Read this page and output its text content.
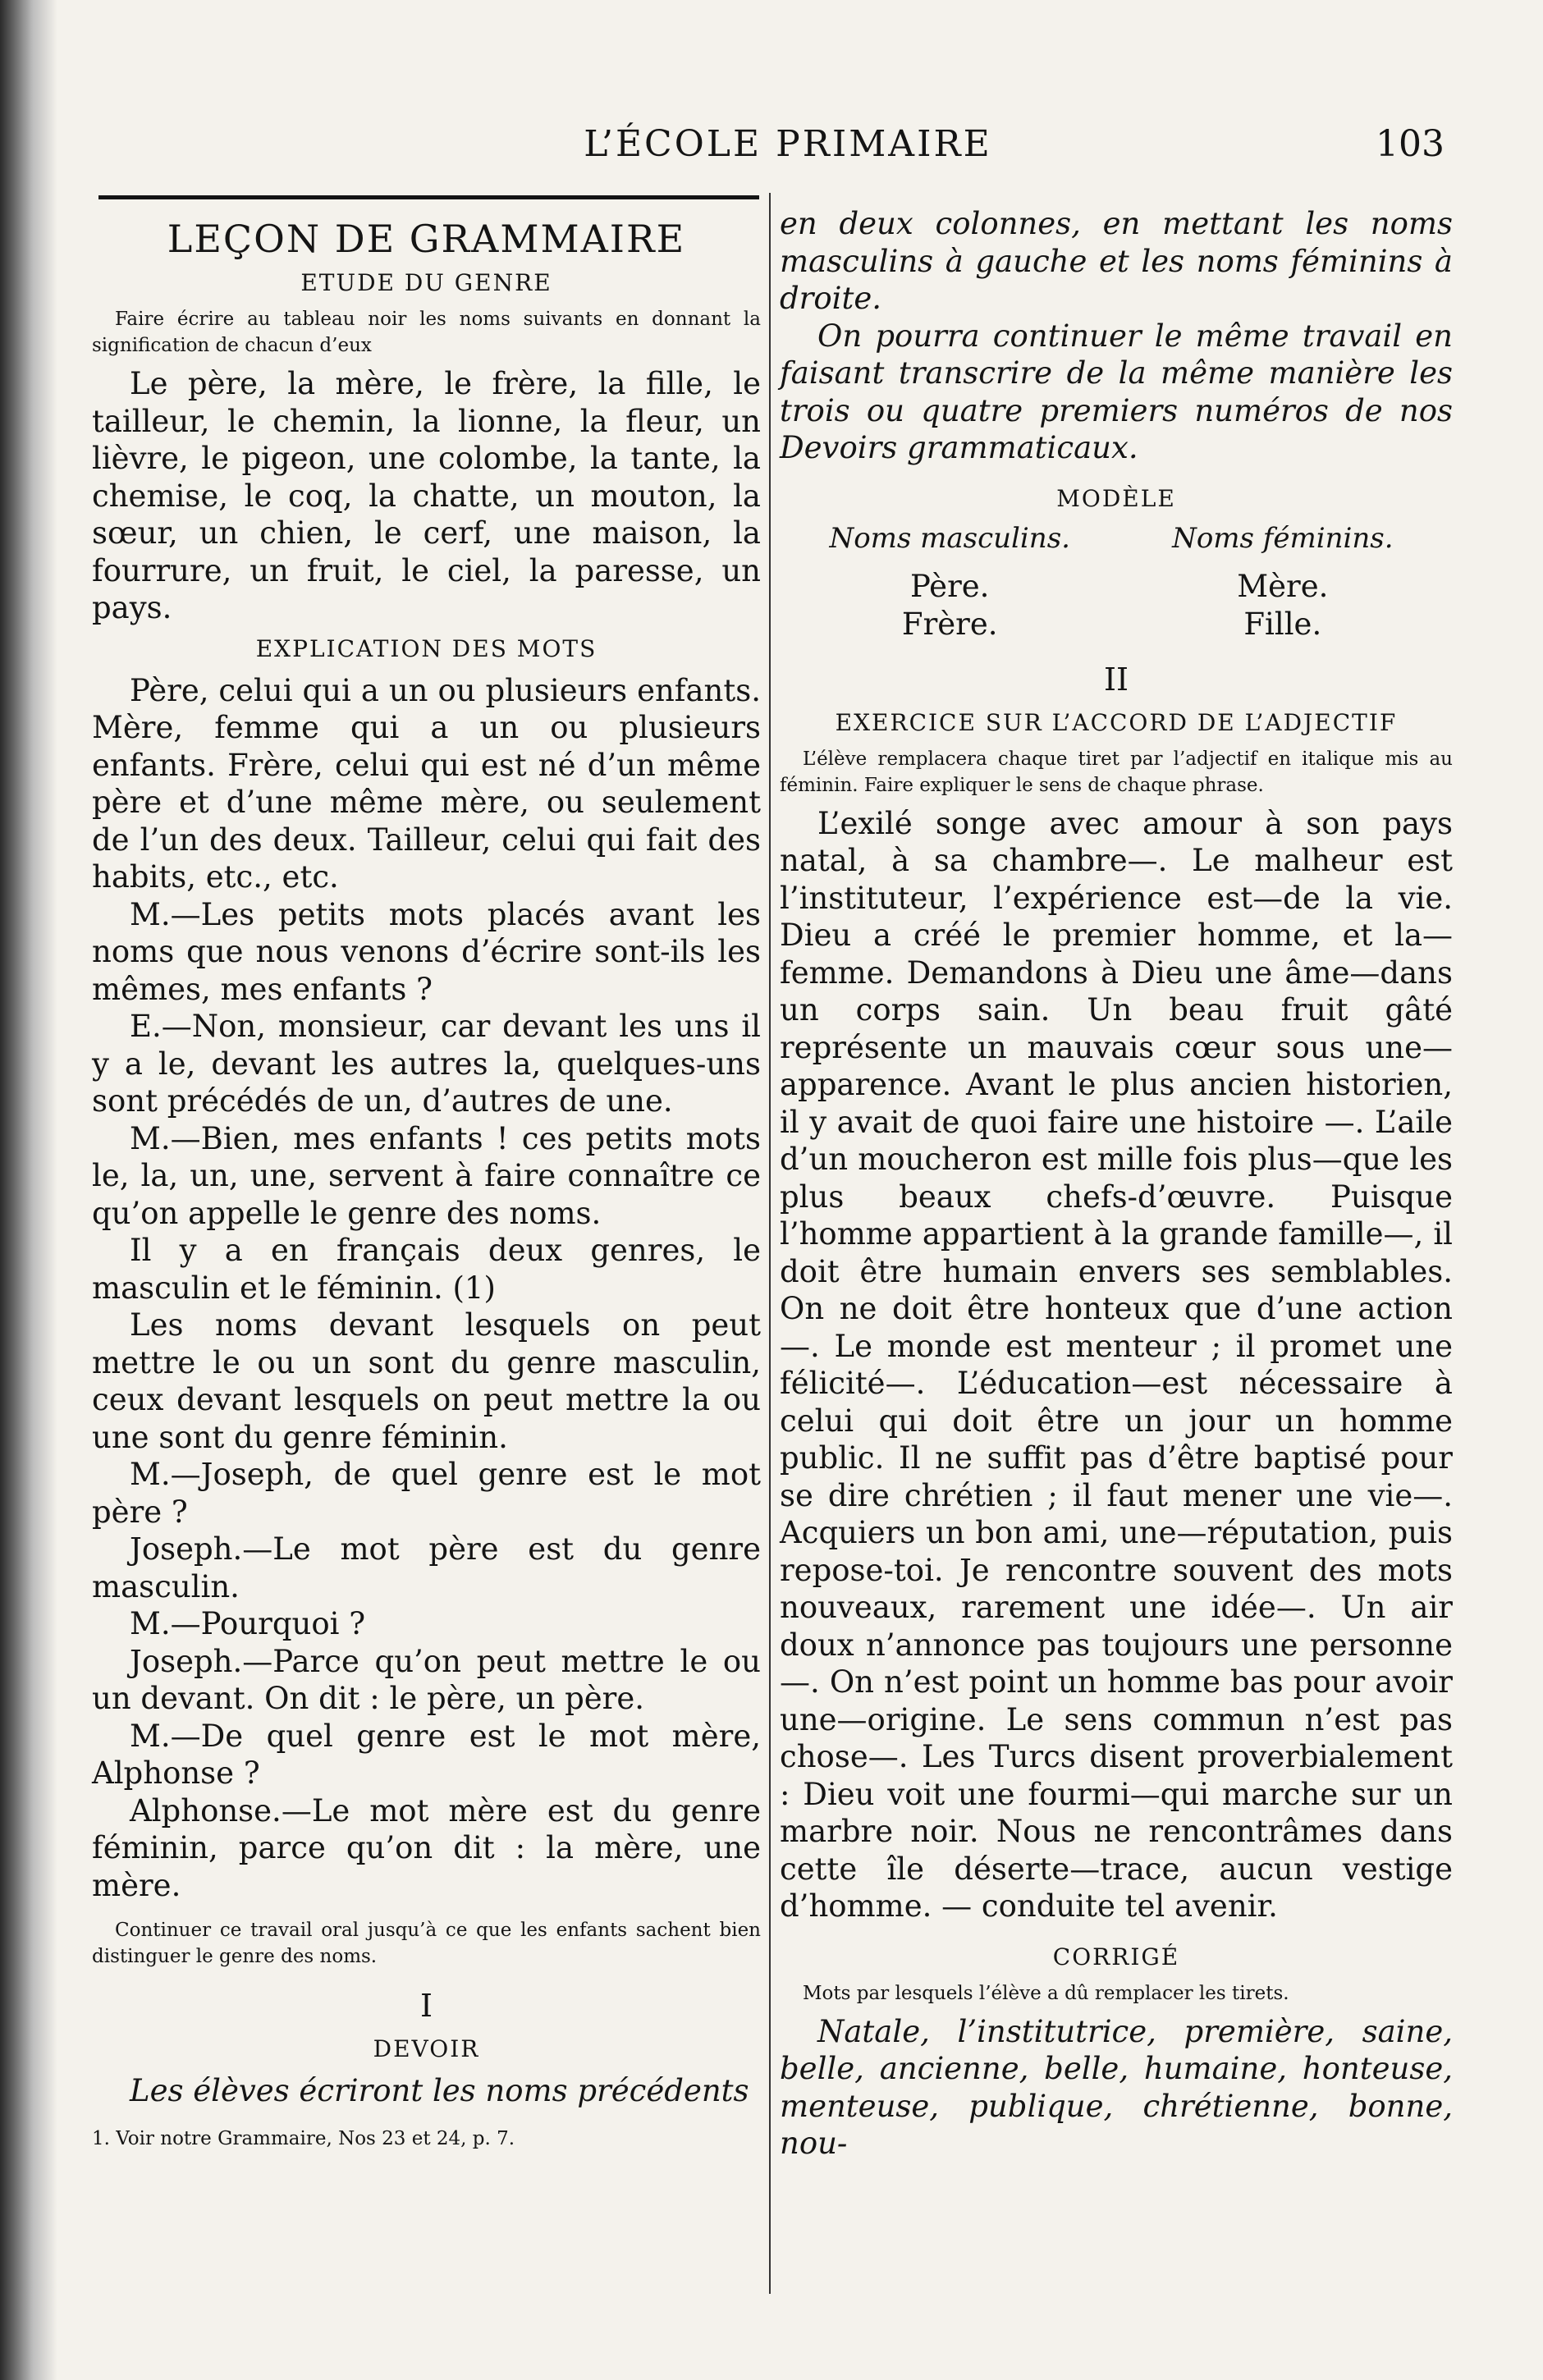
L’ÉCOLE PRIMAIRE	103
LEÇON DE GRAMMAIRE
ETUDE DU GENRE

Faire écrire au tableau noir les noms suivants en donnant la signification de chacun d’eux

Le père, la mère, le frère, la fille, le tailleur, le chemin, la lionne, la fleur, un lièvre, le pigeon, une colombe, la tante, la chemise, le coq, la chatte, un mouton, la sœur, un chien, le cerf, une maison, la fourrure, un fruit, le ciel, la paresse, un pays.

EXPLICATION DES MOTS

Père, celui qui a un ou plusieurs enfants. Mère, femme qui a un ou plusieurs enfants. Frère, celui qui est né d’un même père et d’une même mère, ou seulement de l’un des deux. Tailleur, celui qui fait des habits, etc., etc.

M.—Les petits mots placés avant les noms que nous venons d’écrire sont-ils les mêmes, mes enfants ?

E.—Non, monsieur, car devant les uns il y a le, devant les autres la, quelques-uns sont précédés de un, d’autres de une.

M.—Bien, mes enfants ! ces petits mots le, la, un, une, servent à faire connaître ce qu’on appelle le genre des noms.

Il y a en français deux genres, le masculin et le féminin. (1)

Les noms devant lesquels on peut mettre le ou un sont du genre masculin, ceux devant lesquels on peut mettre la ou une sont du genre féminin.

M.—Joseph, de quel genre est le mot père ?

Joseph.—Le mot père est du genre masculin.

M.—Pourquoi ?

Joseph.—Parce qu’on peut mettre le ou un devant. On dit : le père, un père.

M.—De quel genre est le mot mère, Alphonse ?

Alphonse.—Le mot mère est du genre féminin, parce qu’on dit : la mère, une mère.

Continuer ce travail oral jusqu’à ce que les enfants sachent bien distinguer le genre des noms.

I
DEVOIR

Les élèves écriront les noms précédents

1. Voir notre Grammaire, Nos 23 et 24, p. 7.

en deux colonnes, en mettant les noms masculins à gauche et les noms féminins à droite.

On pourra continuer le même travail en faisant transcrire de la même manière les trois ou quatre premiers numéros de nos Devoirs grammaticaux.

MODÈLE
Noms masculins.
Père.
Frère.
Noms féminins.
Mère.
Fille.
II
EXERCICE SUR L’ACCORD DE L’ADJECTIF

L’élève remplacera chaque tiret par l’adjectif en italique mis au féminin. Faire expliquer le sens de chaque phrase.

L’exilé songe avec amour à son pays natal, à sa chambre—. Le malheur est l’instituteur, l’expérience est—de la vie. Dieu a créé le premier homme, et la—femme. Demandons à Dieu une âme—dans un corps sain. Un beau fruit gâté représente un mauvais cœur sous une—apparence. Avant le plus ancien historien, il y avait de quoi faire une histoire —. L’aile d’un moucheron est mille fois plus—que les plus beaux chefs-d’œuvre. Puisque l’homme appartient à la grande famille—, il doit être humain envers ses semblables. On ne doit être honteux que d’une action—. Le monde est menteur ; il promet une félicité—. L’éducation—est nécessaire à celui qui doit être un jour un homme public. Il ne suffit pas d’être baptisé pour se dire chrétien ; il faut mener une vie—. Acquiers un bon ami, une—réputation, puis repose-toi. Je rencontre souvent des mots nouveaux, rarement une idée—. Un air doux n’annonce pas toujours une personne—. On n’est point un homme bas pour avoir une—origine. Le sens commun n’est pas chose—. Les Turcs disent proverbialement : Dieu voit une fourmi—qui marche sur un marbre noir. Nous ne rencontrâmes dans cette île déserte—trace, aucun vestige d’homme. — conduite tel avenir.

CORRIGÉ

Mots par lesquels l’élève a dû remplacer les tirets.

Natale, l’institutrice, première, saine, belle, ancienne, belle, humaine, honteuse, menteuse, publique, chrétienne, bonne, nou-
